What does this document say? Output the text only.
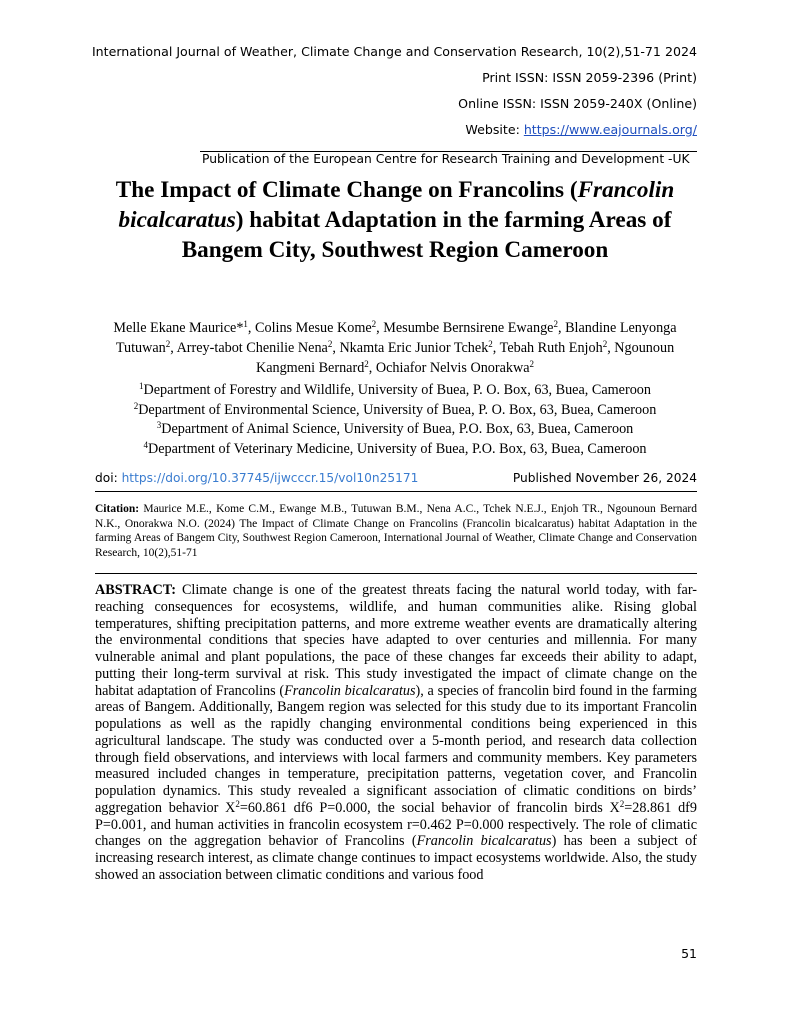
International Journal of Weather, Climate Change and Conservation Research, 10(2),51-71 2024
Print ISSN: ISSN 2059-2396 (Print)
Online ISSN: ISSN 2059-240X (Online)
Website: https://www.eajournals.org/
Publication of the European Centre for Research Training and Development -UK
The Impact of Climate Change on Francolins (Francolin bicalcaratus) habitat Adaptation in the farming Areas of Bangem City, Southwest Region Cameroon
Melle Ekane Maurice*$^1$, Colins Mesue Kome$^2$, Mesumbe Bernsirene Ewange$^2$, Blandine Lenyonga Tutuwan$^2$, Arrey-tabot Chenilie Nena$^2$, Nkamta Eric Junior Tchek$^2$, Tebah Ruth Enjoh$^2$, Ngounoun Kangmeni Bernard$^2$, Ochiafor Nelvis Onorakwa$^2$
$^1$Department of Forestry and Wildlife, University of Buea, P. O. Box, 63, Buea, Cameroon
$^2$Department of Environmental Science, University of Buea, P. O. Box, 63, Buea, Cameroon
$^3$Department of Animal Science, University of Buea, P.O. Box, 63, Buea, Cameroon
$^4$Department of Veterinary Medicine, University of Buea, P.O. Box, 63, Buea, Cameroon
doi: https://doi.org/10.37745/ijwcccr.15/vol10n25171	Published November 26, 2024
Citation: Maurice M.E., Kome C.M., Ewange M.B., Tutuwan B.M., Nena A.C., Tchek N.E.J., Enjoh TR., Ngounoun Bernard N.K., Onorakwa N.O. (2024) The Impact of Climate Change on Francolins (Francolin bicalcaratus) habitat Adaptation in the farming Areas of Bangem City, Southwest Region Cameroon, International Journal of Weather, Climate Change and Conservation Research, 10(2),51-71
ABSTRACT: Climate change is one of the greatest threats facing the natural world today, with far-reaching consequences for ecosystems, wildlife, and human communities alike. Rising global temperatures, shifting precipitation patterns, and more extreme weather events are dramatically altering the environmental conditions that species have adapted to over centuries and millennia. For many vulnerable animal and plant populations, the pace of these changes far exceeds their ability to adapt, putting their long-term survival at risk. This study investigated the impact of climate change on the habitat adaptation of Francolins (Francolin bicalcaratus), a species of francolin bird found in the farming areas of Bangem. Additionally, Bangem region was selected for this study due to its important Francolin populations as well as the rapidly changing environmental conditions being experienced in this agricultural landscape. The study was conducted over a 5-month period, and research data collection through field observations, and interviews with local farmers and community members. Key parameters measured included changes in temperature, precipitation patterns, vegetation cover, and Francolin population dynamics. This study revealed a significant association of climatic conditions on birds’ aggregation behavior $X^2=60.861$ df6 P=0.000, the social behavior of francolin birds $X^2=28.861$ df9 P=0.001, and human activities in francolin ecosystem r=0.462 P=0.000 respectively. The role of climatic changes on the aggregation behavior of Francolins (Francolin bicalcaratus) has been a subject of increasing research interest, as climate change continues to impact ecosystems worldwide. Also, the study showed an association between climatic conditions and various food
51
